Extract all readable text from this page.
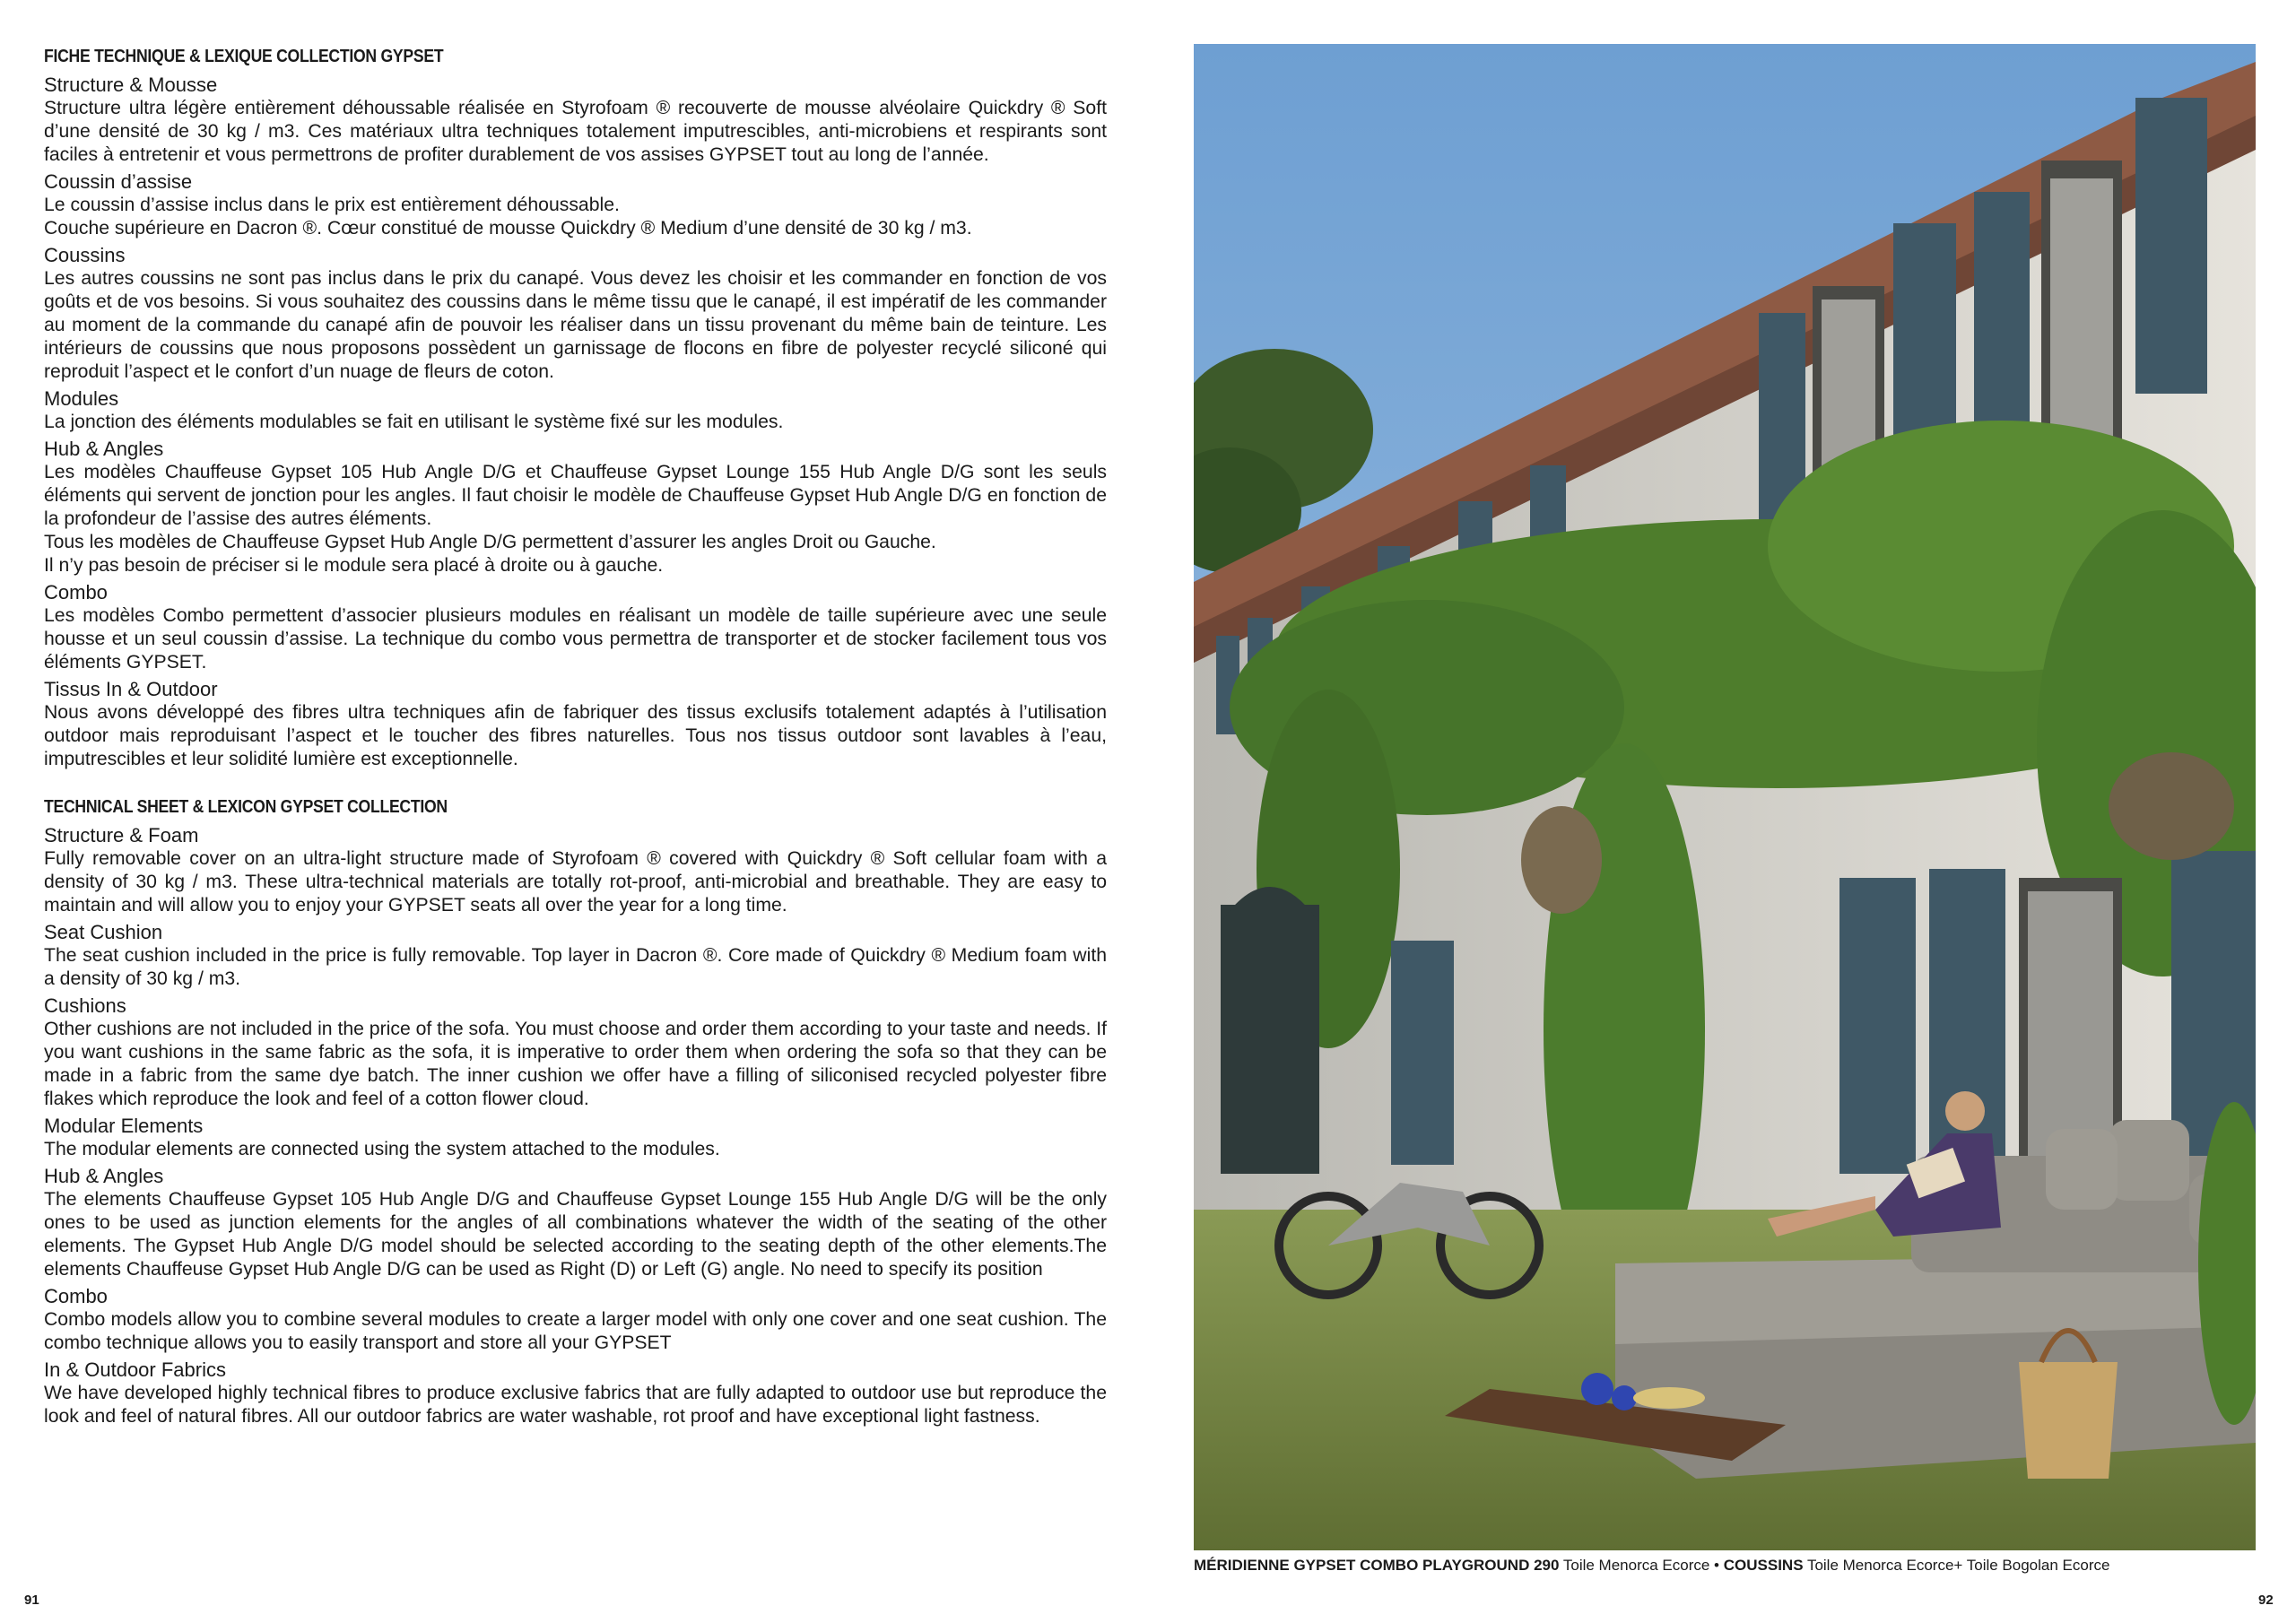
FICHE TECHNIQUE & LEXIQUE COLLECTION GYPSET
Structure & Mousse

Structure ultra légère entièrement déhoussable réalisée en Styrofoam ® recouverte de mousse alvéolaire Quickdry ® Soft d’une densité de 30 kg / m3. Ces matériaux ultra techniques totalement imputrescibles, anti-microbiens et respirants sont faciles à entretenir et vous permettrons de profiter durablement de vos assises GYPSET tout au long de l’année.

Coussin d’assise

Le coussin d’assise inclus dans le prix est entièrement déhoussable.

Couche supérieure en Dacron ®. Cœur constitué de mousse Quickdry ® Medium d’une densité de 30 kg / m3.

Coussins

Les autres coussins ne sont pas inclus dans le prix du canapé. Vous devez les choisir et les commander en fonction de vos goûts et de vos besoins. Si vous souhaitez des coussins dans le même tissu que le canapé, il est impératif de les commander au moment de la commande du canapé afin de pouvoir les réaliser dans un tissu provenant du même bain de teinture. Les intérieurs de coussins que nous proposons possèdent un garnissage de flocons en fibre de polyester recyclé siliconé qui reproduit l’aspect et le confort d’un nuage de fleurs de coton.

Modules

La jonction des éléments modulables se fait en utilisant le système fixé sur les modules.

Hub & Angles

Les modèles Chauffeuse Gypset 105 Hub Angle D/G et Chauffeuse Gypset Lounge 155 Hub Angle D/G sont les seuls éléments qui servent de jonction pour les angles. Il faut choisir le modèle de Chauffeuse Gypset Hub Angle D/G en fonction de la profondeur de l’assise des autres éléments.

Tous les modèles de Chauffeuse Gypset Hub Angle D/G permettent d’assurer les angles Droit ou Gauche.

Il n’y pas besoin de préciser si le module sera placé à droite ou à gauche.

Combo

Les modèles Combo permettent d’associer plusieurs modules en réalisant un modèle de taille supérieure avec une seule housse et un seul coussin d’assise. La technique du combo vous permettra de transporter et de stocker facilement tous vos éléments GYPSET.

Tissus In & Outdoor

Nous avons développé des fibres ultra techniques afin de fabriquer des tissus exclusifs totalement adaptés à l’utilisation outdoor mais reproduisant l’aspect et le toucher des fibres naturelles. Tous nos tissus outdoor sont lavables à l’eau, imputrescibles et leur solidité lumière est exceptionnelle.

TECHNICAL SHEET & LEXICON GYPSET COLLECTION
Structure & Foam

Fully removable cover on an ultra-light structure made of Styrofoam ® covered with Quickdry ® Soft cellular foam with a density of 30 kg / m3. These ultra-technical materials are totally rot-proof, anti-microbial and breathable. They are easy to maintain and will allow you to enjoy your GYPSET seats all over the year for a long time.

Seat Cushion

The seat cushion included in the price is fully removable. Top layer in Dacron ®. Core made of Quickdry ® Medium foam with a density of 30 kg / m3.

Cushions

Other cushions are not included in the price of the sofa. You must choose and order them according to your taste and needs. If you want cushions in the same fabric as the sofa, it is imperative to order them when ordering the sofa so that they can be made in a fabric from the same dye batch. The inner cushion we offer have a filling of siliconised recycled polyester fibre flakes which reproduce the look and feel of a cotton flower cloud.

Modular Elements

The modular elements are connected using the system attached to the modules.

Hub & Angles

The elements Chauffeuse Gypset 105 Hub Angle D/G and Chauffeuse Gypset Lounge 155 Hub Angle D/G will be the only ones to be used as junction elements for the angles of all combinations whatever the width of the seating of the other elements. The Gypset Hub Angle D/G model should be selected according to the seating depth of the other elements.The elements Chauffeuse Gypset Hub Angle D/G can be used as Right (D) or Left (G) angle. No need to specify its position

Combo

Combo models allow you to combine several modules to create a larger model with only one cover and one seat cushion. The combo technique allows you to easily transport and store all your GYPSET

In & Outdoor Fabrics

We have developed highly technical fibres to produce exclusive fabrics that are fully adapted to outdoor use but reproduce the look and feel of natural fibres. All our outdoor fabrics are water washable, rot proof and have exceptional light fastness.

MÉRIDIENNE GYPSET COMBO PLAYGROUND 290 Toile Menorca Ecorce • COUSSINS Toile Menorca Ecorce+ Toile Bogolan Ecorce
91	92
